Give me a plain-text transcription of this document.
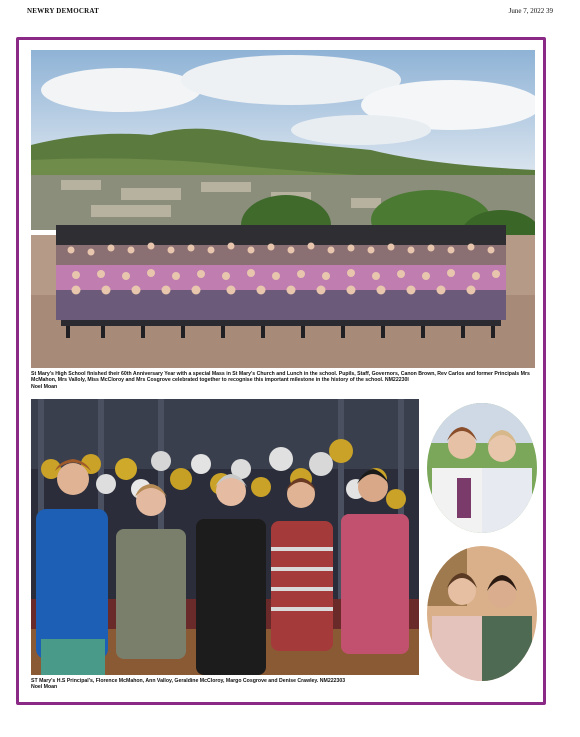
NEWRY DEMOCRAT	June 7, 2022 39
St Mary's High School finished their 60th Anniversary Year with a special Mass in St Mary's Church and Lunch in the school. Pupils, Staff, Governors, Canon Brown, Rev Carlos and former Principals Mrs McMahon, Mrs Valloly, Miss McCloroy and Mrs Cosgrove celebrated together to recognise this important milestone in the history of the school. NM22230I
Noel Moan
ST Mary's H.S Principal's, Florence McMahon, Ann Valloy, Geraldine McCloroy, Margo Cosgrove and Denise Crawley. NM222303
Noel Moan
